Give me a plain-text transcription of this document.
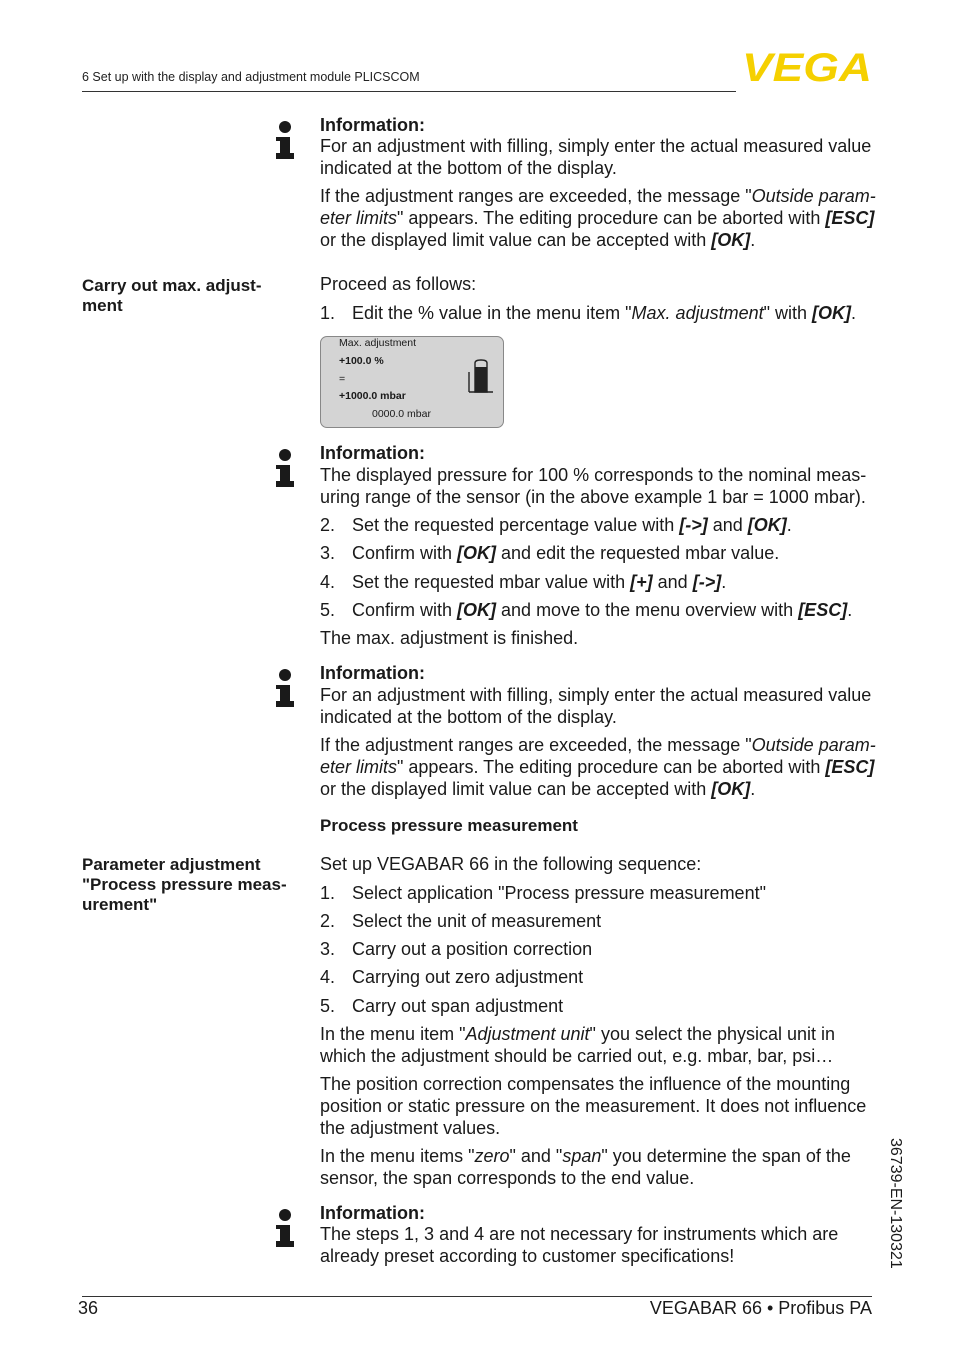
6 Set up with the display and adjustment module PLICSCOM	VEGA
Information:
For an adjustment with filling, simply enter the actual measured value indicated at the bottom of the display.
If the adjustment ranges are exceeded, the message "Outside param- eter limits" appears. The editing procedure can be aborted with [ESC] or the displayed limit value can be accepted with [OK].
Carry out max. adjust- ment
Proceed as follows:
1. Edit the % value in the menu item "Max. adjustment" with [OK].
Max. adjustment
+100.0 %
=
+1000.0 mbar
0000.0 mbar
Information:
The displayed pressure for 100 % corresponds to the nominal meas- uring range of the sensor (in the above example 1 bar = 1000 mbar).
2. Set the requested percentage value with [->] and [OK].
3. Confirm with [OK] and edit the requested mbar value.
4. Set the requested mbar value with [+] and [->].
5. Confirm with [OK] and move to the menu overview with [ESC].
The max. adjustment is finished.
Information:
For an adjustment with filling, simply enter the actual measured value indicated at the bottom of the display.
If the adjustment ranges are exceeded, the message "Outside param- eter limits" appears. The editing procedure can be aborted with [ESC] or the displayed limit value can be accepted with [OK].
Process pressure measurement
Parameter adjustment "Process pressure meas- urement"
Set up VEGABAR 66 in the following sequence:
1. Select application "Process pressure measurement"
2. Select the unit of measurement
3. Carry out a position correction
4. Carrying out zero adjustment
5. Carry out span adjustment
In the menu item "Adjustment unit" you select the physical unit in which the adjustment should be carried out, e.g. mbar, bar, psi…
The position correction compensates the influence of the mounting position or static pressure on the measurement. It does not influence the adjustment values.
In the menu items "zero" and "span" you determine the span of the sensor, the span corresponds to the end value.
Information:
The steps 1, 3 and 4 are not necessary for instruments which are already preset according to customer specifications!	36739-EN-130321
36	VEGABAR 66 • Profibus PA
